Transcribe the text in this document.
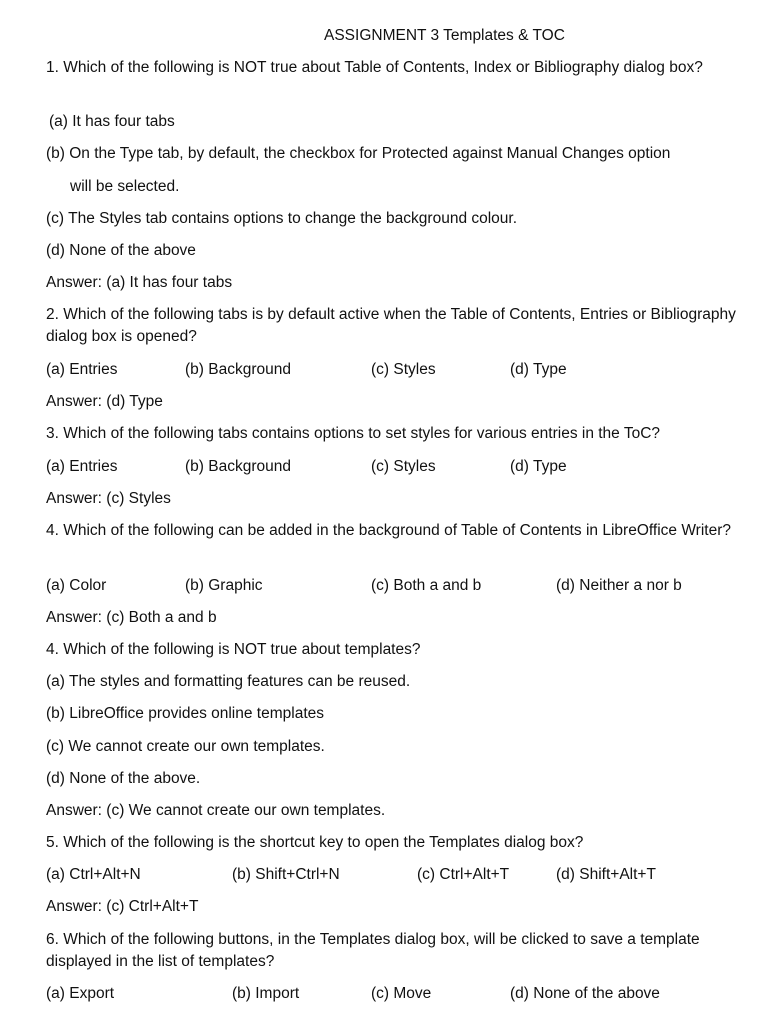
ASSIGNMENT 3 Templates & TOC
1. Which of the following is NOT true about Table of Contents, Index or Bibliography dialog box?
(a) It has four tabs
(b) On the Type tab, by default, the checkbox for Protected against Manual Changes option
will be selected.
(c) The Styles tab contains options to change the background colour.
(d) None of the above
Answer: (a) It has four tabs
2. Which of the following tabs is by default active when the Table of Contents, Entries or Bibliography dialog box is opened?
(a) Entries	(b) Background	(c) Styles	(d) Type
Answer: (d) Type
3. Which of the following tabs contains options to set styles for various entries in the ToC?
(a) Entries	(b) Background	(c) Styles	(d) Type
Answer: (c) Styles
4. Which of the following can be added in the background of Table of Contents in LibreOffice Writer?
(a) Color	(b) Graphic	(c) Both a and b	(d) Neither a nor b
Answer: (c) Both a and b
4. Which of the following is NOT true about templates?
(a) The styles and formatting features can be reused.
(b) LibreOffice provides online templates
(c) We cannot create our own templates.
(d) None of the above.
Answer: (c) We cannot create our own templates.
5. Which of the following is the shortcut key to open the Templates dialog box?
(a) Ctrl+Alt+N	(b) Shift+Ctrl+N	(c) Ctrl+Alt+T	(d) Shift+Alt+T
Answer: (c) Ctrl+Alt+T
6. Which of the following buttons, in the Templates dialog box, will be clicked to save a template displayed in the list of templates?
(a) Export	(b) Import	(c) Move	(d) None of the above
